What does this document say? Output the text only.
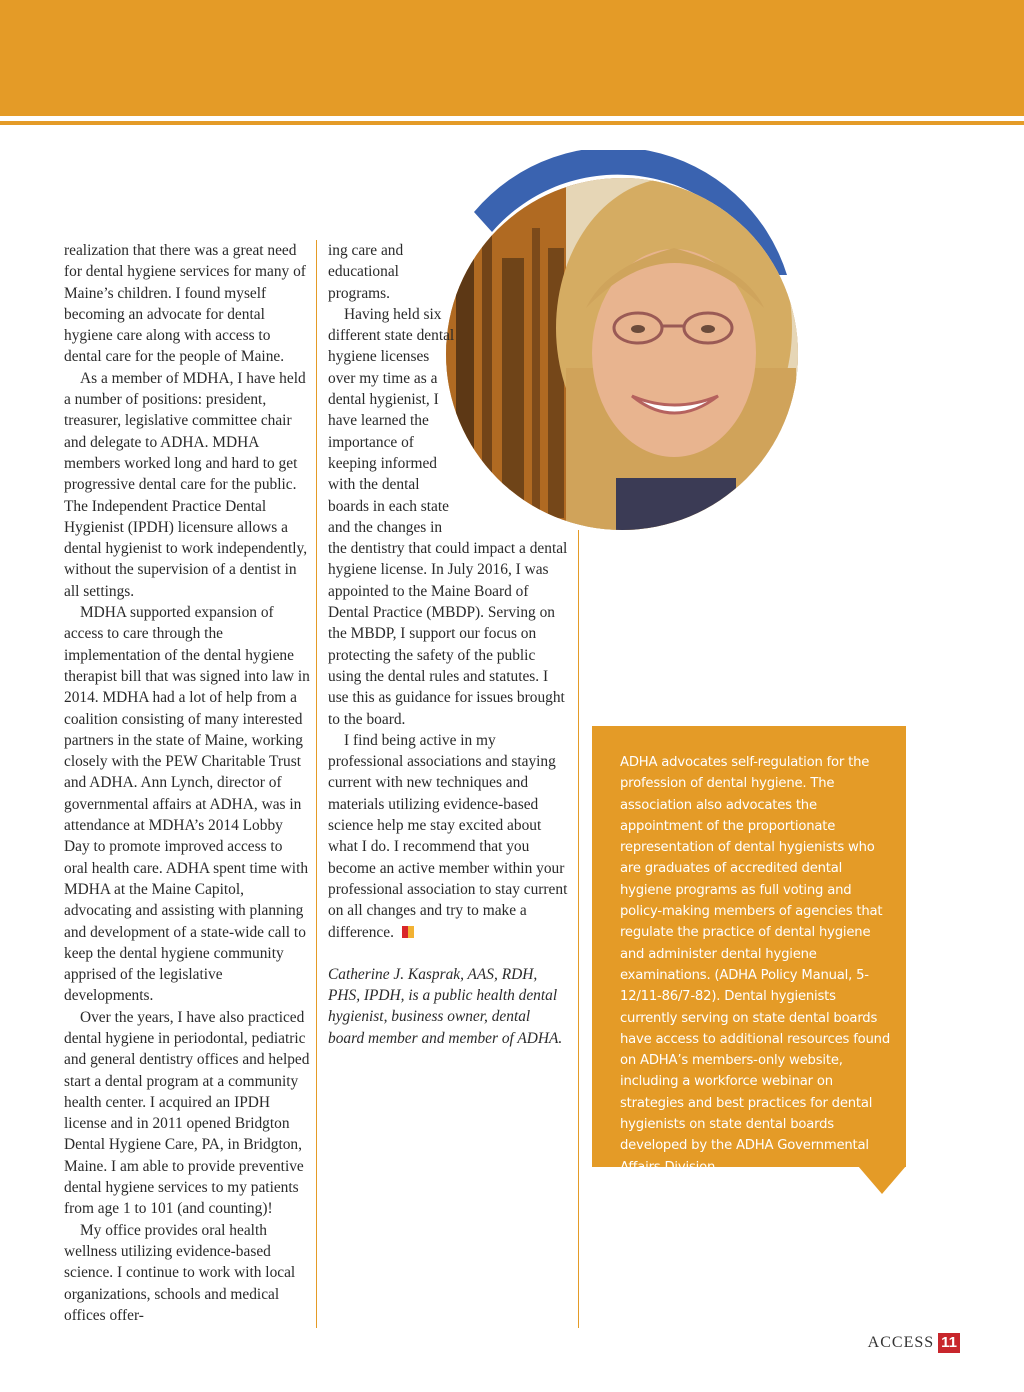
realization that there was a great need for dental hygiene services for many of Maine’s children. I found myself becoming an advocate for dental hygiene care along with access to dental care for the people of Maine.

As a member of MDHA, I have held a number of positions: president, treasurer, legislative committee chair and delegate to ADHA. MDHA members worked long and hard to get progressive dental care for the public. The Independent Practice Dental Hygienist (IPDH) licensure allows a dental hygienist to work independently, without the supervision of a dentist in all settings.

MDHA supported expansion of access to care through the implementation of the dental hygiene therapist bill that was signed into law in 2014. MDHA had a lot of help from a coalition consisting of many interested partners in the state of Maine, working closely with the PEW Charitable Trust and ADHA. Ann Lynch, director of governmental affairs at ADHA, was in attendance at MDHA’s 2014 Lobby Day to promote improved access to oral health care. ADHA spent time with MDHA at the Maine Capitol, advocating and assisting with planning and development of a state-wide call to keep the dental hygiene community apprised of the legislative developments.

Over the years, I have also practiced dental hygiene in periodontal, pediatric and general dentistry offices and helped start a dental program at a community health center. I acquired an IPDH license and in 2011 opened Bridgton Dental Hygiene Care, PA, in Bridgton, Maine. I am able to provide preventive dental hygiene services to my patients from age 1 to 101 (and counting)!

My office provides oral health wellness utilizing evidence-based science. I continue to work with local organizations, schools and medical offices offer-

ing care and educational programs.

Having held six different state dental hygiene licenses over my time as a dental hygienist, I have learned the importance of keeping informed with the dental boards in each state and the changes in the dentistry that could impact a dental hygiene license. In July 2016, I was appointed to the Maine Board of Dental Practice (MBDP). Serving on the MBDP, I support our focus on protecting the safety of the public using the dental rules and statutes. I use this as guidance for issues brought to the board.

I find being active in my professional associations and staying current with new techniques and materials utilizing evidence-based science help me stay excited about what I do. I recommend that you become an active member within your professional association to stay current on all changes and try to make a difference.

Catherine J. Kasprak, AAS, RDH, PHS, IPDH, is a public health dental hygienist, business owner, dental board member and member of ADHA.

ADHA advocates self-regulation for the profession of dental hygiene. The association also advocates the appointment of the proportionate representation of dental hygienists who are graduates of accredited dental hygiene programs as full voting and policy-making members of agencies that regulate the practice of dental hygiene and administer dental hygiene examinations. (ADHA Policy Manual, 5-12/11-86/7-82). Dental hygienists currently serving on state dental boards have access to additional resources found on ADHA’s members-only website, including a workforce webinar on strategies and best practices for dental hygienists on state dental boards developed by the ADHA Governmental Affairs Division.
ACCESS 11
